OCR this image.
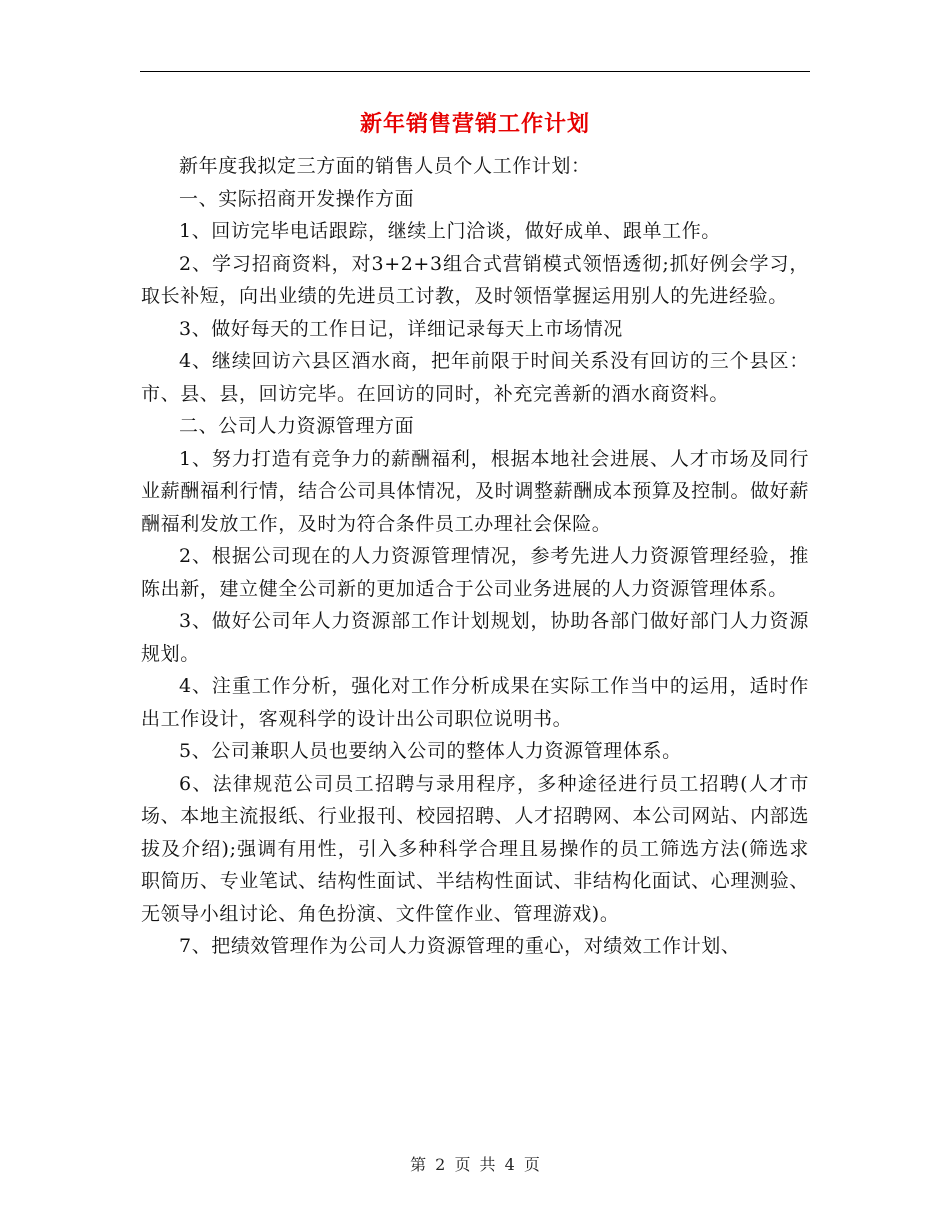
新年销售营销工作计划

新年度我拟定三方面的销售人员个人工作计划：

一、实际招商开发操作方面

1、回访完毕电话跟踪，继续上门洽谈，做好成单、跟单工作。

2、学习招商资料，对3+2+3组合式营销模式领悟透彻;抓好例会学习，取长补短，向出业绩的先进员工讨教，及时领悟掌握运用别人的先进经验。

3、做好每天的工作日记，详细记录每天上市场情况

4、继续回访六县区酒水商，把年前限于时间关系没有回访的三个县区：市、县、县，回访完毕。在回访的同时，补充完善新的酒水商资料。

二、公司人力资源管理方面

1、努力打造有竞争力的薪酬福利，根据本地社会进展、人才市场及同行业薪酬福利行情，结合公司具体情况，及时调整薪酬成本预算及控制。做好薪酬福利发放工作，及时为符合条件员工办理社会保险。

2、根据公司现在的人力资源管理情况，参考先进人力资源管理经验，推陈出新，建立健全公司新的更加适合于公司业务进展的人力资源管理体系。

3、做好公司年人力资源部工作计划规划，协助各部门做好部门人力资源规划。

4、注重工作分析，强化对工作分析成果在实际工作当中的运用，适时作出工作设计，客观科学的设计出公司职位说明书。

5、公司兼职人员也要纳入公司的整体人力资源管理体系。

6、法律规范公司员工招聘与录用程序，多种途径进行员工招聘(人才市场、本地主流报纸、行业报刊、校园招聘、人才招聘网、本公司网站、内部选拔及介绍);强调有用性，引入多种科学合理且易操作的员工筛选方法(筛选求职简历、专业笔试、结构性面试、半结构性面试、非结构化面试、心理测验、无领导小组讨论、角色扮演、文件筐作业、管理游戏)。

7、把绩效管理作为公司人力资源管理的重心，对绩效工作计划、

第 2 页 共 4 页
